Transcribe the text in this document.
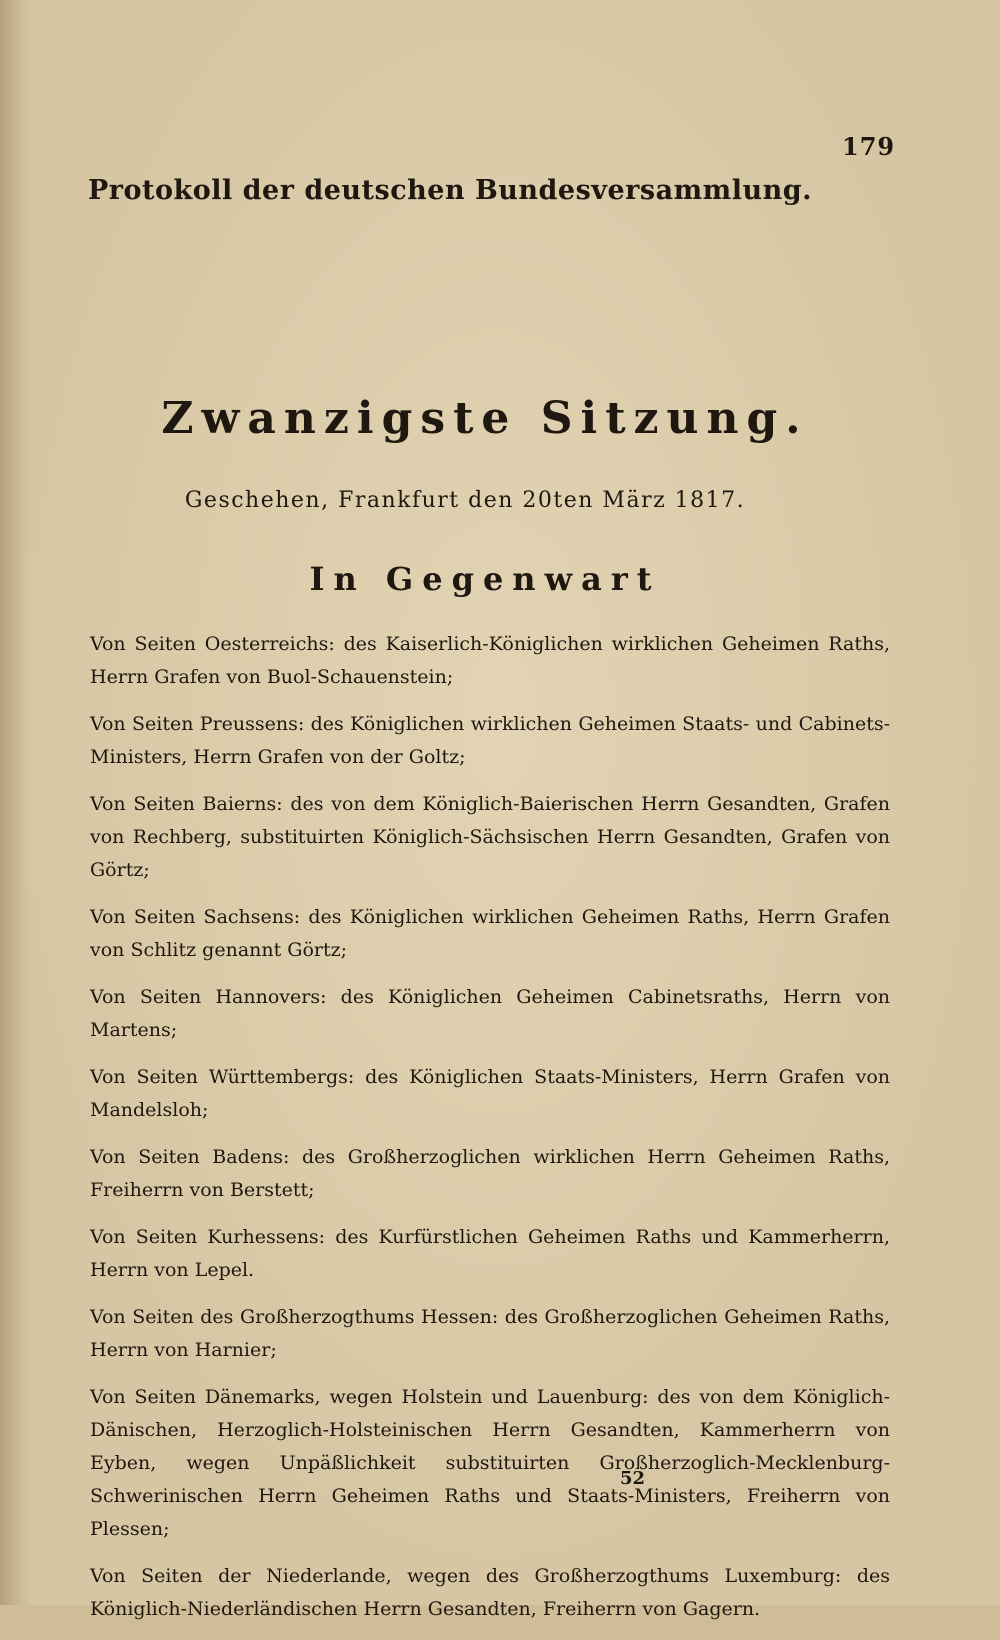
179
Protokoll der deutschen Bundesversammlung.
Zwanzigste Sitzung.
Geschehen, Frankfurt den 20ten März 1817.
In Gegenwart

Von Seiten Oesterreichs: des Kaiserlich-Königlichen wirklichen Geheimen Raths, Herrn Grafen von Buol-Schauenstein;

Von Seiten Preussens: des Königlichen wirklichen Geheimen Staats- und Cabinets-Ministers, Herrn Grafen von der Goltz;

Von Seiten Baierns: des von dem Königlich-Baierischen Herrn Gesandten, Grafen von Rechberg, substituirten Königlich-Sächsischen Herrn Gesandten, Grafen von Görtz;

Von Seiten Sachsens: des Königlichen wirklichen Geheimen Raths, Herrn Grafen von Schlitz genannt Görtz;

Von Seiten Hannovers: des Königlichen Geheimen Cabinetsraths, Herrn von Martens;

Von Seiten Württembergs: des Königlichen Staats-Ministers, Herrn Grafen von Mandelsloh;

Von Seiten Badens: des Großherzoglichen wirklichen Herrn Geheimen Raths, Freiherrn von Berstett;

Von Seiten Kurhessens: des Kurfürstlichen Geheimen Raths und Kammerherrn, Herrn von Lepel.

Von Seiten des Großherzogthums Hessen: des Großherzoglichen Geheimen Raths, Herrn von Harnier;

Von Seiten Dänemarks, wegen Holstein und Lauenburg: des von dem Königlich-Dänischen, Herzoglich-Holsteinischen Herrn Gesandten, Kammerherrn von Eyben, wegen Unpäßlichkeit substituirten Großherzoglich-Mecklenburg-Schwerinischen Herrn Geheimen Raths und Staats-Ministers, Freiherrn von Plessen;

Von Seiten der Niederlande, wegen des Großherzogthums Luxemburg: des Königlich-Niederländischen Herrn Gesandten, Freiherrn von Gagern.

52
